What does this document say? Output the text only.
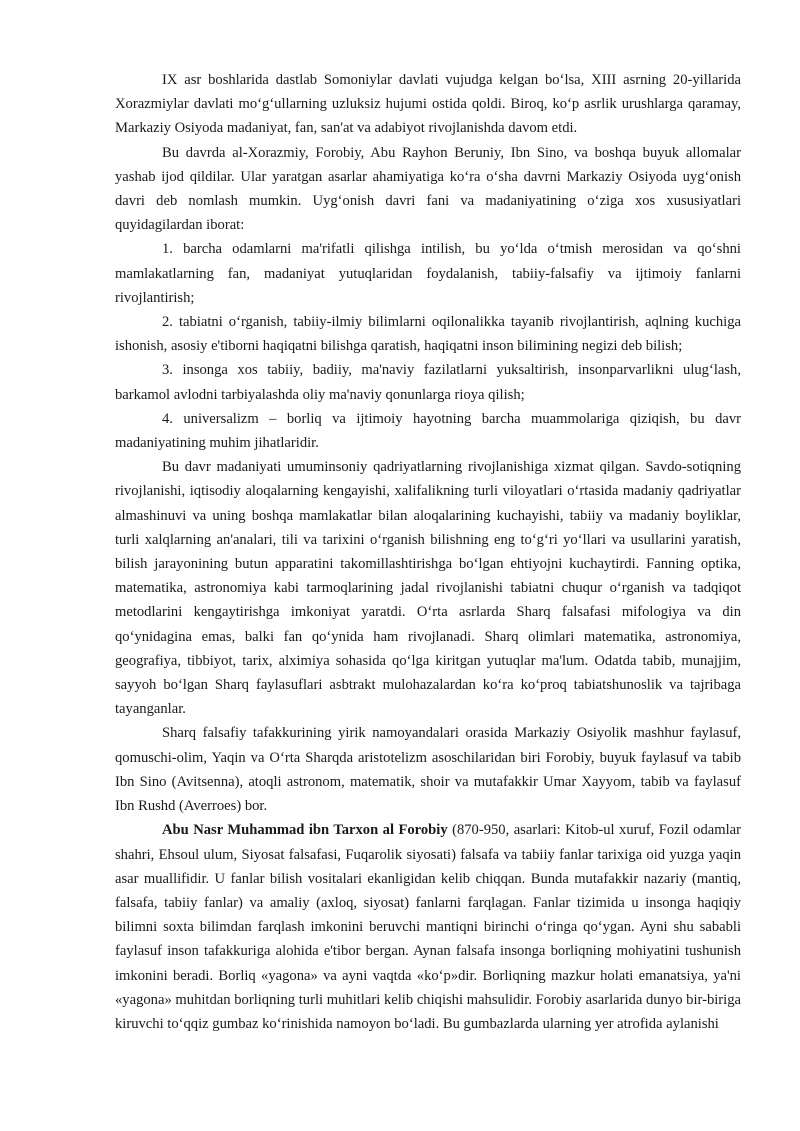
IX asr boshlarida dastlab Somoniylar davlati vujudga kelgan bo‘lsa, XIII asrning 20-yillarida Xorazmiylar davlati mo‘g‘ullarning uzluksiz hujumi ostida qoldi. Biroq, ko‘p asrlik urushlarga qaramay, Markaziy Osiyoda madaniyat, fan, san'at va adabiyot rivojlanishda davom etdi.

Bu davrda al-Xorazmiy, Forobiy, Abu Rayhon Beruniy, Ibn Sino, va boshqa buyuk allomalar yashab ijod qildilar. Ular yaratgan asarlar ahamiyatiga ko‘ra o‘sha davrni Markaziy Osiyoda uyg‘onish davri deb nomlash mumkin. Uyg‘onish davri fani va madaniyatining o‘ziga xos xususiyatlari quyidagilardan iborat:

1. barcha odamlarni ma'rifatli qilishga intilish, bu yo‘lda o‘tmish merosidan va qo‘shni mamlakatlarning fan, madaniyat yutuqlaridan foydalanish, tabiiy-falsafiy va ijtimoiy fanlarni rivojlantirish;

2. tabiatni o‘rganish, tabiiy-ilmiy bilimlarni oqilonalikka tayanib rivojlantirish, aqlning kuchiga ishonish, asosiy e'tiborni haqiqatni bilishga qaratish, haqiqatni inson bilimining negizi deb bilish;

3. insonga xos tabiiy, badiiy, ma'naviy fazilatlarni yuksaltirish, insonparvarlikni ulug‘lash, barkamol avlodni tarbiyalashda oliy ma'naviy qonunlarga rioya qilish;

4. universalizm – borliq va ijtimoiy hayotning barcha muammolariga qiziqish, bu davr madaniyatining muhim jihatlaridir.

Bu davr madaniyati umuminsoniy qadriyatlarning rivojlanishiga xizmat qilgan. Savdo-sotiqning rivojlanishi, iqtisodiy aloqalarning kengayishi, xalifalikning turli viloyatlari o‘rtasida madaniy qadriyatlar almashinuvi va uning boshqa mamlakatlar bilan aloqalarining kuchayishi, tabiiy va madaniy boyliklar, turli xalqlarning an'analari, tili va tarixini o‘rganish bilishning eng to‘g‘ri yo‘llari va usullarini yaratish, bilish jarayonining butun apparatini takomillashtirishga bo‘lgan ehtiyojni kuchaytirdi. Fanning optika, matematika, astronomiya kabi tarmoqlarining jadal rivojlanishi tabiatni chuqur o‘rganish va tadqiqot metodlarini kengaytirishga imkoniyat yaratdi. O‘rta asrlarda Sharq falsafasi mifologiya va din qo‘ynidagina emas, balki fan qo‘ynida ham rivojlanadi. Sharq olimlari matematika, astronomiya, geografiya, tibbiyot, tarix, alximiya sohasida qo‘lga kiritgan yutuqlar ma'lum. Odatda tabib, munajjim, sayyoh bo‘lgan Sharq faylasuflari asbtrakt mulohazalardan ko‘ra ko‘proq tabiatshunoslik va tajribaga tayanganlar.

Sharq falsafiy tafakkurining yirik namoyandalari orasida Markaziy Osiyolik mashhur faylasuf, qomuschi-olim, Yaqin va O‘rta Sharqda aristotelizm asoschilaridan biri Forobiy, buyuk faylasuf va tabib Ibn Sino (Avitsenna), atoqli astronom, matematik, shoir va mutafakkir Umar Xayyom, tabib va faylasuf Ibn Rushd (Averroes) bor.

Abu Nasr Muhammad ibn Tarxon al Forobiy (870-950, asarlari: Kitob-ul xuruf, Fozil odamlar shahri, Ehsoul ulum, Siyosat falsafasi, Fuqarolik siyosati) falsafa va tabiiy fanlar tarixiga oid yuzga yaqin asar muallifidir. U fanlar bilish vositalari ekanligidan kelib chiqqan. Bunda mutafakkir nazariy (mantiq, falsafa, tabiiy fanlar) va amaliy (axloq, siyosat) fanlarni farqlagan. Fanlar tizimida u insonga haqiqiy bilimni soxta bilimdan farqlash imkonini beruvchi mantiqni birinchi o‘ringa qo‘ygan. Ayni shu sababli faylasuf inson tafakkuriga alohida e'tibor bergan. Aynan falsafa insonga borliqning mohiyatini tushunish imkonini beradi. Borliq «yagona» va ayni vaqtda «ko‘p»dir. Borliqning mazkur holati emanatsiya, ya'ni «yagona» muhitdan borliqning turli muhitlari kelib chiqishi mahsulidir. Forobiy asarlarida dunyo bir-biriga kiruvchi to‘qqiz gumbaz ko‘rinishida namoyon bo‘ladi. Bu gumbazlarda ularning yer atrofida aylanishi
